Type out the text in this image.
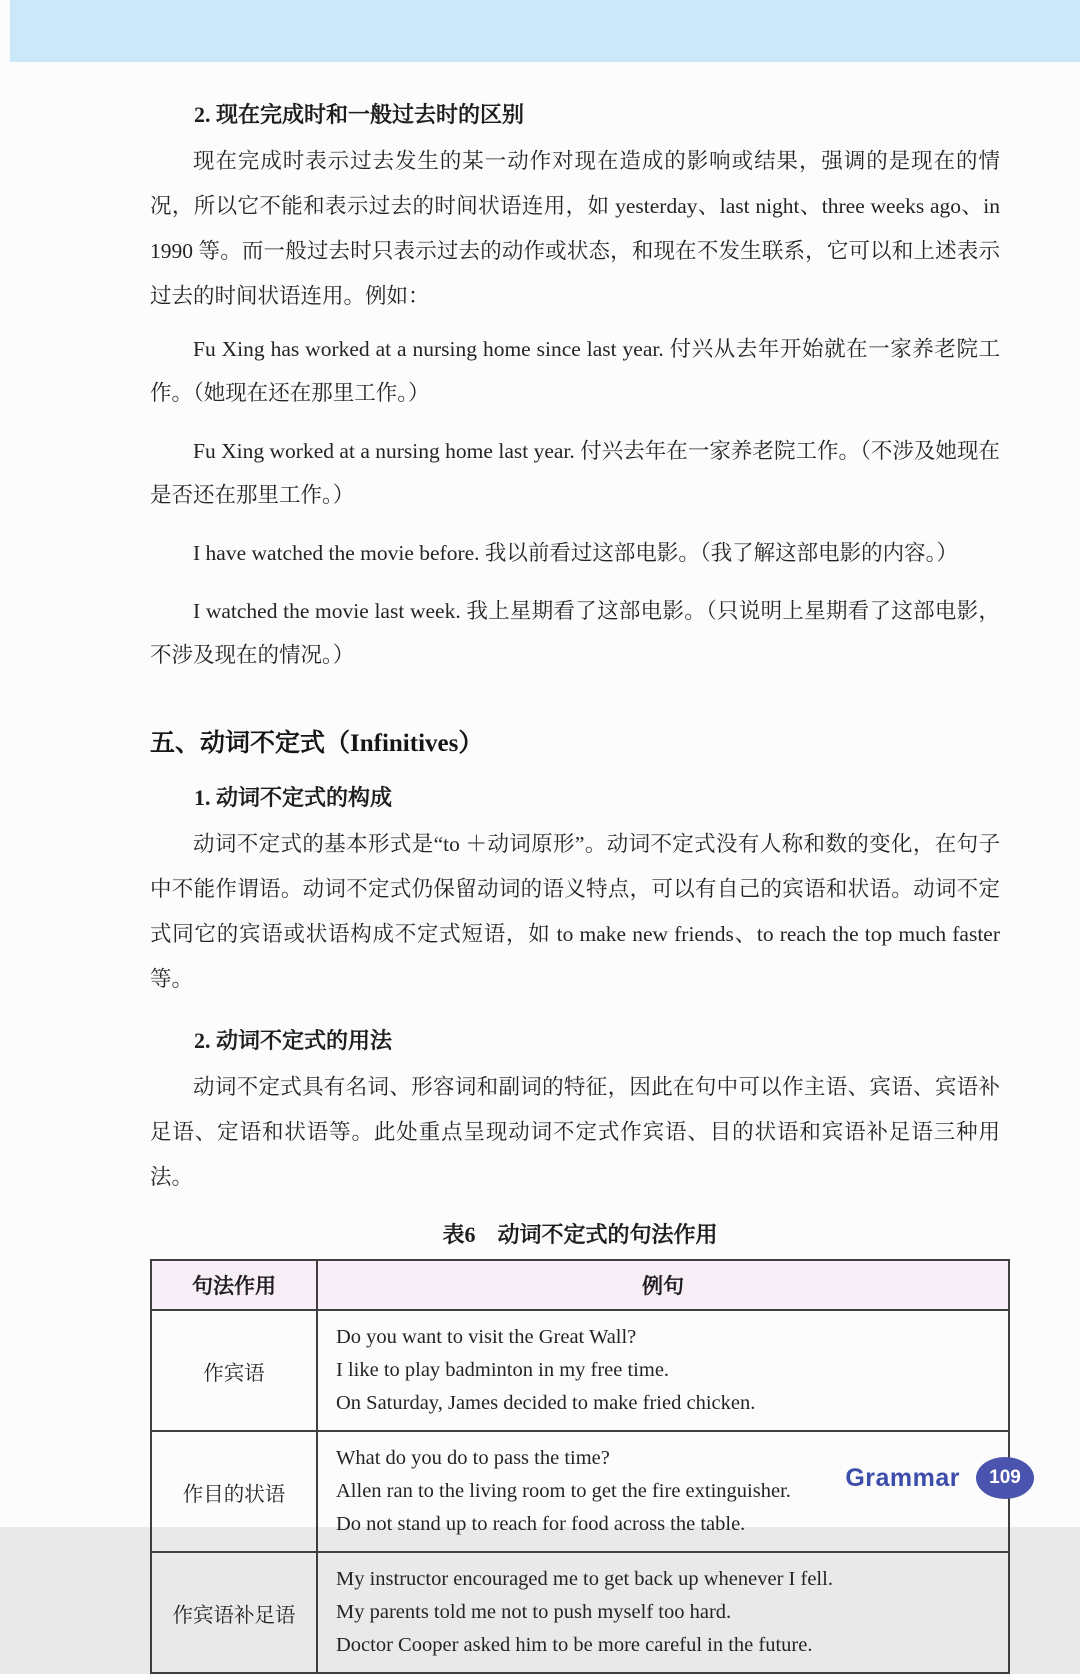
2. 现在完成时和一般过去时的区别

现在完成时表示过去发生的某一动作对现在造成的影响或结果，强调的是现在的情况，所以它不能和表示过去的时间状语连用，如 yesterday、last night、three weeks ago、in 1990 等。而一般过去时只表示过去的动作或状态，和现在不发生联系，它可以和上述表示过去的时间状语连用。例如：

Fu Xing has worked at a nursing home since last year. 付兴从去年开始就在一家养老院工作。（她现在还在那里工作。）

Fu Xing worked at a nursing home last year. 付兴去年在一家养老院工作。（不涉及她现在是否还在那里工作。）

I have watched the movie before. 我以前看过这部电影。（我了解这部电影的内容。）

I watched the movie last week. 我上星期看了这部电影。（只说明上星期看了这部电影，不涉及现在的情况。）

五、动词不定式（Infinitives）
1. 动词不定式的构成

动词不定式的基本形式是“to ＋动词原形”。动词不定式没有人称和数的变化，在句子中不能作谓语。动词不定式仍保留动词的语义特点，可以有自己的宾语和状语。动词不定式同它的宾语或状语构成不定式短语，如 to make new friends、to reach the top much faster 等。

2. 动词不定式的用法

动词不定式具有名词、形容词和副词的特征，因此在句中可以作主语、宾语、宾语补足语、定语和状语等。此处重点呈现动词不定式作宾语、目的状语和宾语补足语三种用法。

表6　动词不定式的句法作用
句法作用	例句
作宾语	Do you want to visit the Great Wall?
I like to play badminton in my free time.
On Saturday, James decided to make fried chicken.

作目的状语	What do you do to pass the time?
Allen ran to the living room to get the fire extinguisher.
Do not stand up to reach for food across the table.

作宾语补足语	My instructor encouraged me to get back up whenever I fell.
My parents told me not to push myself too hard.
Doctor Cooper asked him to be more careful in the future.
Grammar	109
